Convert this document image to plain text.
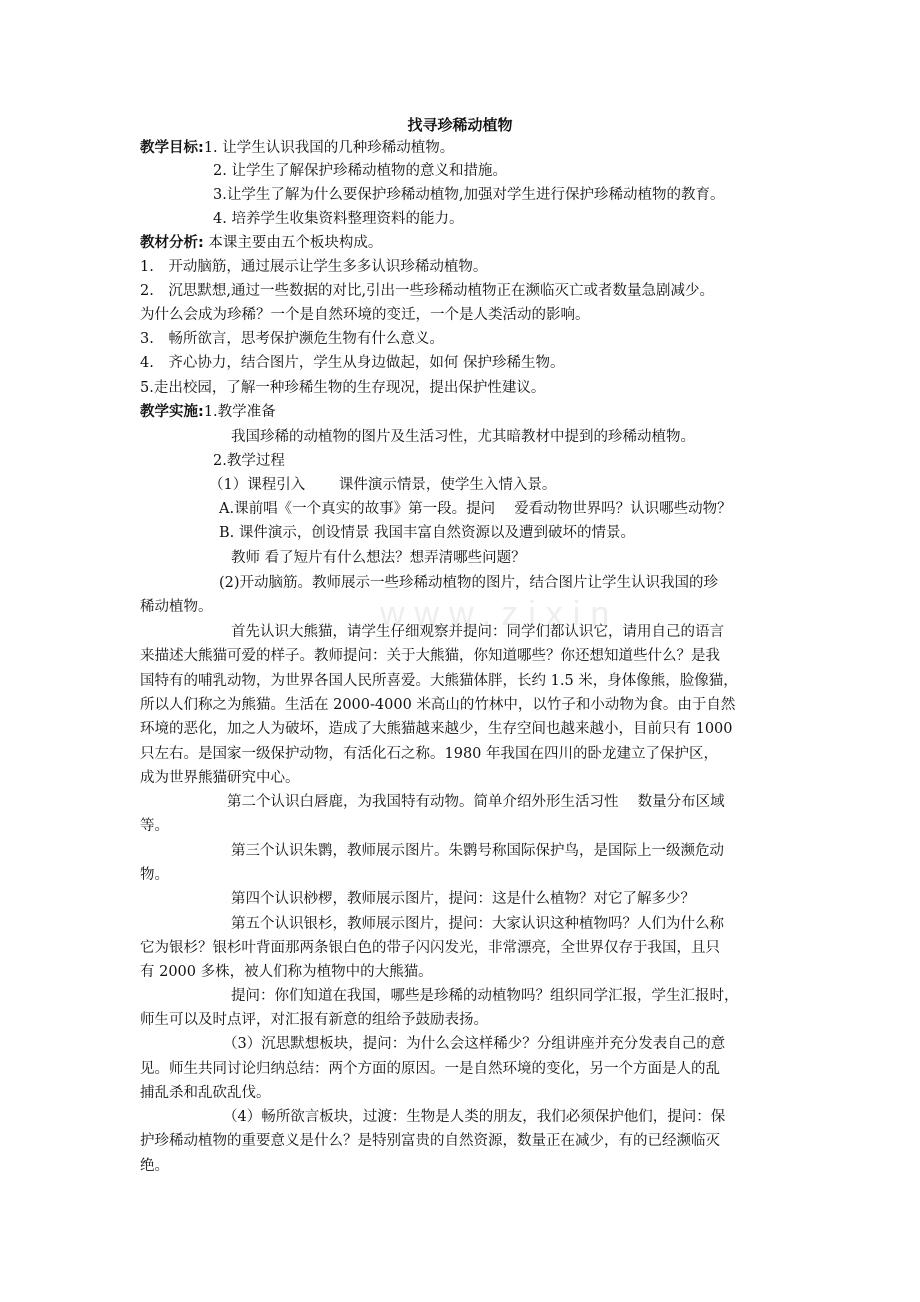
www.zixin
找寻珍稀动植物
教学目标:1. 让学生认识我国的几种珍稀动植物。
2. 让学生了解保护珍稀动植物的意义和措施。
3.让学生了解为什么要保护珍稀动植物,加强对学生进行保护珍稀动植物的教育。
4. 培养学生收集资料整理资料的能力。
教材分析: 本课主要由五个板块构成。
1.　开动脑筋，通过展示让学生多多认识珍稀动植物。
2.　沉思默想,通过一些数据的对比,引出一些珍稀动植物正在濒临灭亡或者数量急剧减少。
为什么会成为珍稀？一个是自然环境的变迁，一个是人类活动的影响。
3.　畅所欲言，思考保护濒危生物有什么意义。
4.　齐心协力，结合图片，学生从身边做起，如何 保护珍稀生物。
5.走出校园，了解一种珍稀生物的生存现况，提出保护性建议。
教学实施:1.教学准备
我国珍稀的动植物的图片及生活习性，尤其暗教材中提到的珍稀动植物。
2.教学过程
（1）课程引入　　 课件演示情景，使学生入情入景。
A.课前唱《一个真实的故事》第一段。提问　 爱看动物世界吗？认识哪些动物？
B. 课件演示，创设情景 我国丰富自然资源以及遭到破坏的情景。
教师 看了短片有什么想法？想弄清哪些问题？
(2)开动脑筋。教师展示一些珍稀动植物的图片，结合图片让学生认识我国的珍
稀动植物。
首先认识大熊猫，请学生仔细观察并提问：同学们都认识它，请用自己的语言
来描述大熊猫可爱的样子。教师提问：关于大熊猫，你知道哪些？你还想知道些什么？是我
国特有的哺乳动物，为世界各国人民所喜爱。大熊猫体胖，长约 1.5 米，身体像熊，脸像猫，
所以人们称之为熊猫。生活在 2000-4000 米高山的竹林中，以竹子和小动物为食。由于自然
环境的恶化，加之人为破坏，造成了大熊猫越来越少，生存空间也越来越小，目前只有 1000
只左右。是国家一级保护动物，有活化石之称。1980 年我国在四川的卧龙建立了保护区，
成为世界熊猫研究中心。
第二个认识白唇鹿，为我国特有动物。简单介绍外形生活习性　 数量分布区域
等。
第三个认识朱鹮，教师展示图片。朱鹮号称国际保护鸟，是国际上一级濒危动
物。
第四个认识桫椤，教师展示图片，提问：这是什么植物？对它了解多少？
第五个认识银杉，教师展示图片，提问：大家认识这种植物吗？人们为什么称
它为银杉？银杉叶背面那两条银白色的带子闪闪发光，非常漂亮，全世界仅存于我国，且只
有 2000 多株，被人们称为植物中的大熊猫。
提问：你们知道在我国，哪些是珍稀的动植物吗？组织同学汇报，学生汇报时，
师生可以及时点评，对汇报有新意的组给予鼓励表扬。
（3）沉思默想板块，提问：为什么会这样稀少？分组讲座并充分发表自己的意
见。师生共同讨论归纳总结：两个方面的原因。一是自然环境的变化，另一个方面是人的乱
捕乱杀和乱砍乱伐。
（4）畅所欲言板块，过渡：生物是人类的朋友，我们必须保护他们，提问：保
护珍稀动植物的重要意义是什么？是特别富贵的自然资源，数量正在减少，有的已经濒临灭
绝。
